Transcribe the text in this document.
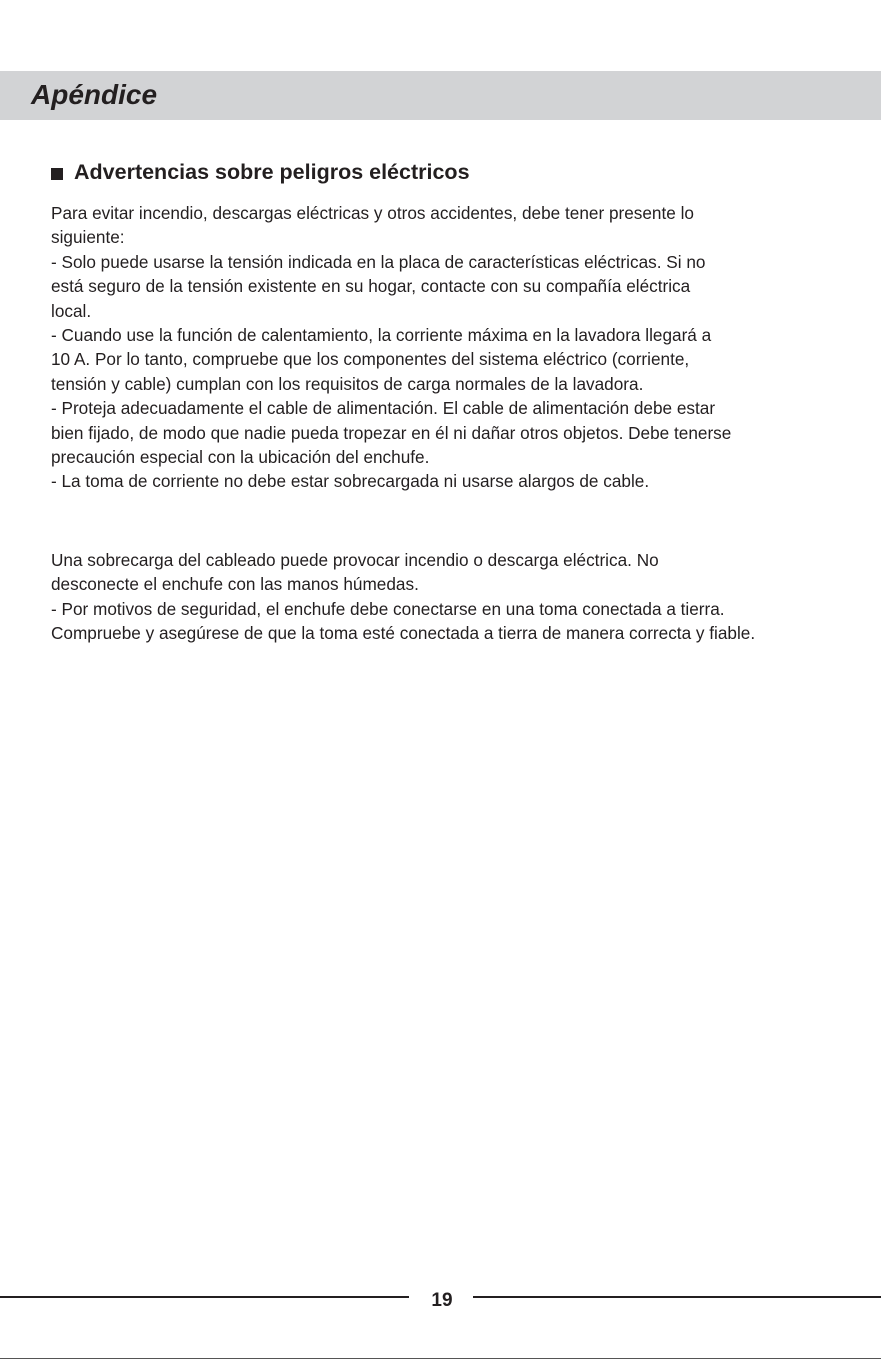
Apéndice
Advertencias sobre peligros eléctricos
Para evitar incendio, descargas eléctricas y otros accidentes, debe tener presente lo
siguiente:
- Solo puede usarse la tensión indicada en la placa de características eléctricas. Si no
está seguro de la tensión existente en su hogar, contacte con su compañía eléctrica
local.
- Cuando use la función de calentamiento, la corriente máxima en la lavadora llegará a
10 A. Por lo tanto, compruebe que los componentes del sistema eléctrico (corriente,
tensión y cable) cumplan con los requisitos de carga normales de la lavadora.
- Proteja adecuadamente el cable de alimentación. El cable de alimentación debe estar
bien fijado, de modo que nadie pueda tropezar en él ni dañar otros objetos. Debe tenerse
precaución especial con la ubicación del enchufe.
- La toma de corriente no debe estar sobrecargada ni usarse alargos de cable.
Una sobrecarga del cableado puede provocar incendio o descarga eléctrica. No
desconecte el enchufe con las manos húmedas.
- Por motivos de seguridad, el enchufe debe conectarse en una toma conectada a tierra.
Compruebe y asegúrese de que la toma esté conectada a tierra de manera correcta y fiable.
19
